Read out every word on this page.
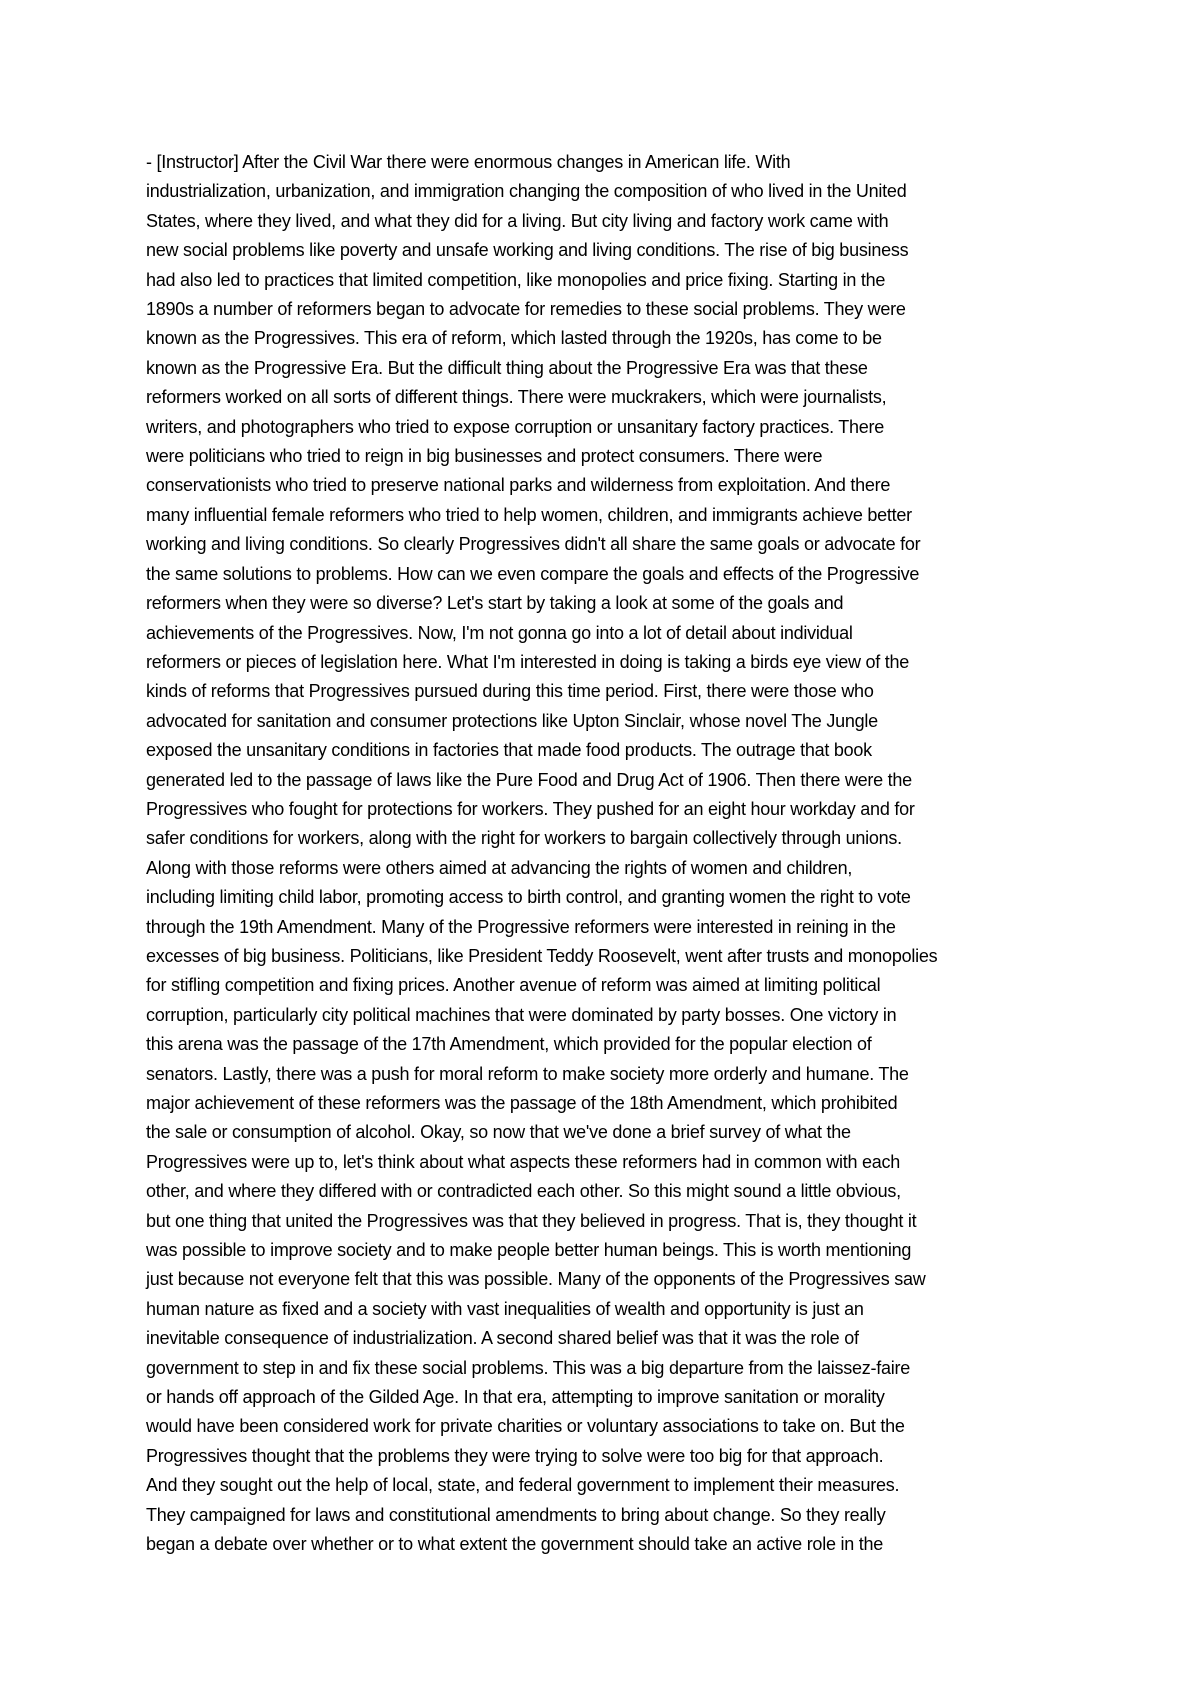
- [Instructor] After the Civil War there were enormous changes in American life. With
industrialization, urbanization, and immigration changing the composition of who lived in the United
States, where they lived, and what they did for a living. But city living and factory work came with
new social problems like poverty and unsafe working and living conditions. The rise of big business
had also led to practices that limited competition, like monopolies and price fixing. Starting in the
1890s a number of reformers began to advocate for remedies to these social problems. They were
known as the Progressives. This era of reform, which lasted through the 1920s, has come to be
known as the Progressive Era. But the difficult thing about the Progressive Era was that these
reformers worked on all sorts of different things. There were muckrakers, which were journalists,
writers, and photographers who tried to expose corruption or unsanitary factory practices. There
were politicians who tried to reign in big businesses and protect consumers. There were
conservationists who tried to preserve national parks and wilderness from exploitation. And there
many influential female reformers who tried to help women, children, and immigrants achieve better
working and living conditions. So clearly Progressives didn't all share the same goals or advocate for
the same solutions to problems. How can we even compare the goals and effects of the Progressive
reformers when they were so diverse? Let's start by taking a look at some of the goals and
achievements of the Progressives. Now, I'm not gonna go into a lot of detail about individual
reformers or pieces of legislation here. What I'm interested in doing is taking a birds eye view of the
kinds of reforms that Progressives pursued during this time period. First, there were those who
advocated for sanitation and consumer protections like Upton Sinclair, whose novel The Jungle
exposed the unsanitary conditions in factories that made food products. The outrage that book
generated led to the passage of laws like the Pure Food and Drug Act of 1906. Then there were the
Progressives who fought for protections for workers. They pushed for an eight hour workday and for
safer conditions for workers, along with the right for workers to bargain collectively through unions.
Along with those reforms were others aimed at advancing the rights of women and children,
including limiting child labor, promoting access to birth control, and granting women the right to vote
through the 19th Amendment. Many of the Progressive reformers were interested in reining in the
excesses of big business. Politicians, like President Teddy Roosevelt, went after trusts and monopolies
for stifling competition and fixing prices. Another avenue of reform was aimed at limiting political
corruption, particularly city political machines that were dominated by party bosses. One victory in
this arena was the passage of the 17th Amendment, which provided for the popular election of
senators. Lastly, there was a push for moral reform to make society more orderly and humane. The
major achievement of these reformers was the passage of the 18th Amendment, which prohibited
the sale or consumption of alcohol. Okay, so now that we've done a brief survey of what the
Progressives were up to, let's think about what aspects these reformers had in common with each
other, and where they differed with or contradicted each other. So this might sound a little obvious,
but one thing that united the Progressives was that they believed in progress. That is, they thought it
was possible to improve society and to make people better human beings. This is worth mentioning
just because not everyone felt that this was possible. Many of the opponents of the Progressives saw
human nature as fixed and a society with vast inequalities of wealth and opportunity is just an
inevitable consequence of industrialization. A second shared belief was that it was the role of
government to step in and fix these social problems. This was a big departure from the laissez-faire
or hands off approach of the Gilded Age. In that era, attempting to improve sanitation or morality
would have been considered work for private charities or voluntary associations to take on. But the
Progressives thought that the problems they were trying to solve were too big for that approach.
And they sought out the help of local, state, and federal government to implement their measures.
They campaigned for laws and constitutional amendments to bring about change. So they really
began a debate over whether or to what extent the government should take an active role in the
